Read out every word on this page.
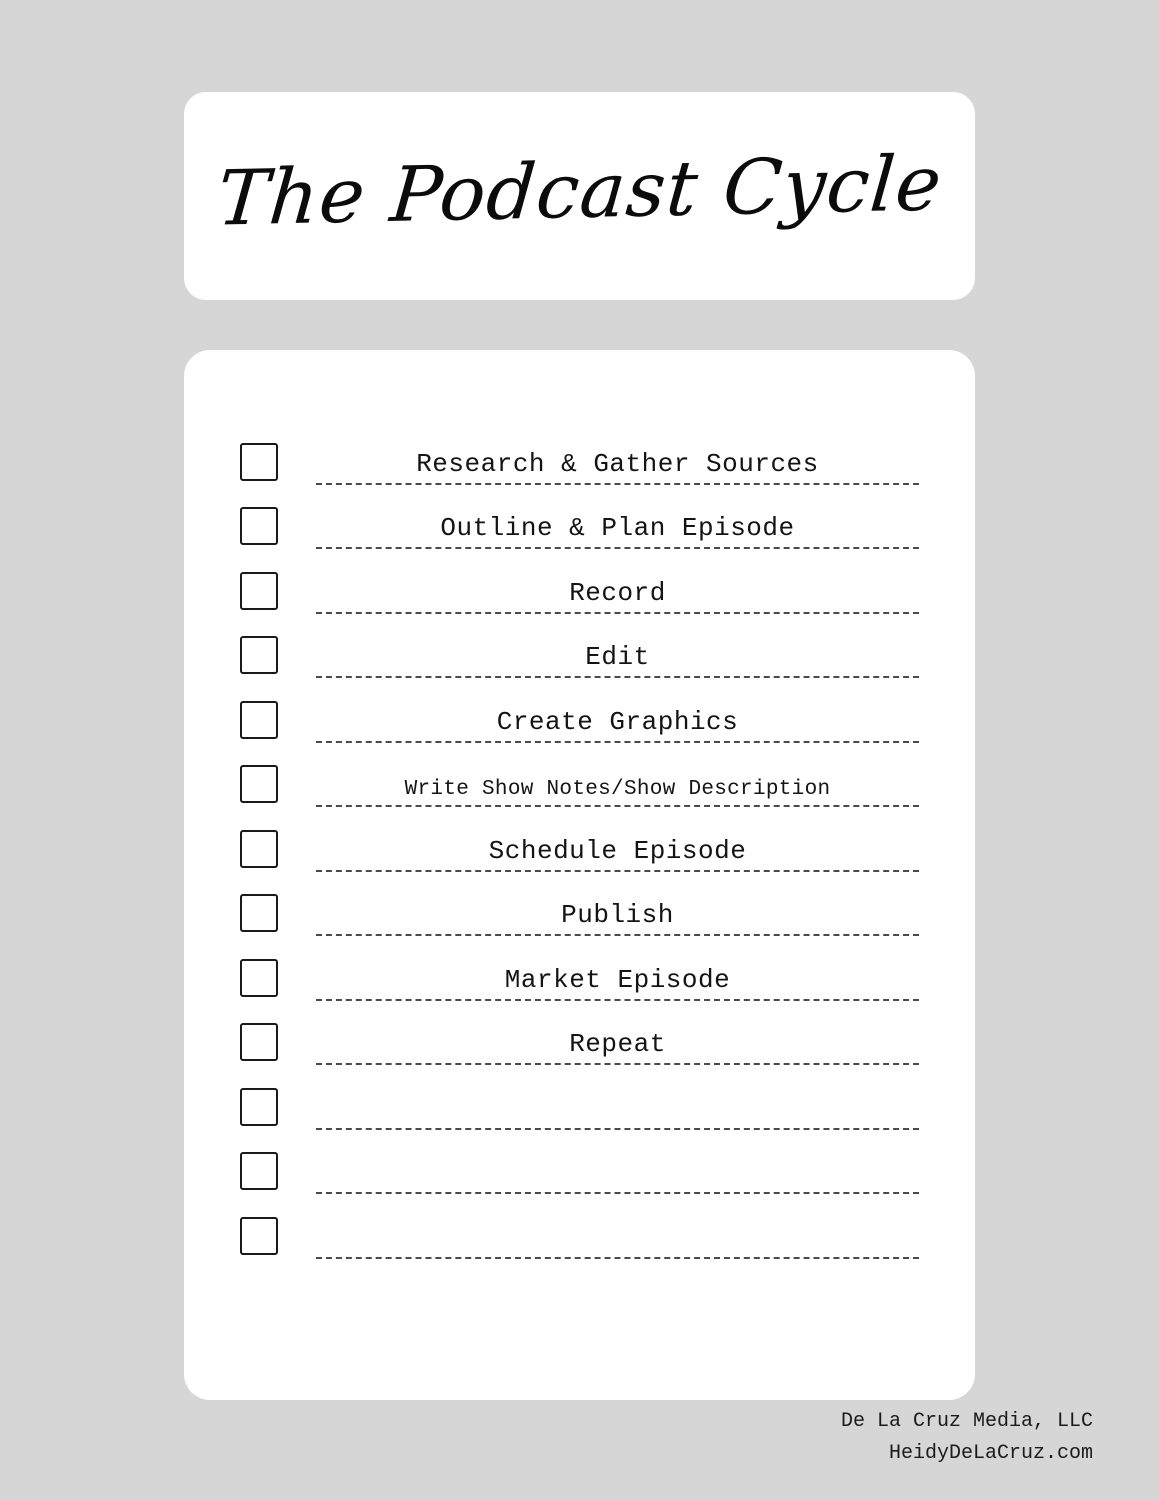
The Podcast Cycle
Research & Gather Sources
Outline & Plan Episode
Record
Edit
Create Graphics
Write Show Notes/Show Description
Schedule Episode
Publish
Market Episode
Repeat
De La Cruz Media, LLC
HeidyDeLaCruz.com
